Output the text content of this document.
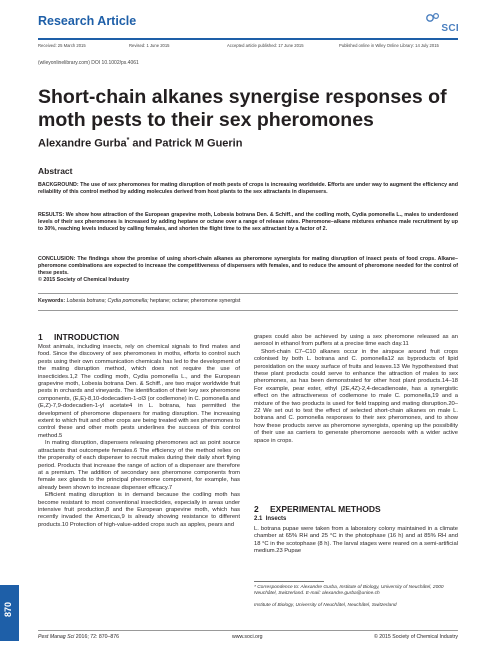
Research Article
SCI
Received: 25 March 2015	Revised: 1 June 2015	Accepted article published: 17 June 2015	Published online in Wiley Online Library: 14 July 2015
(wileyonlinelibrary.com) DOI 10.1002/ps.4061
Short-chain alkanes synergise responses of moth pests to their sex pheromones
Alexandre Gurba* and Patrick M Guerin
Abstract
BACKGROUND: The use of sex pheromones for mating disruption of moth pests of crops is increasing worldwide. Efforts are under way to augment the efficiency and reliability of this control method by adding molecules derived from host plants to the sex attractants in dispensers.
RESULTS: We show how attraction of the European grapevine moth, Lobesia botrana Den. & Schiff., and the codling moth, Cydia pomonella L., males to underdosed levels of their sex pheromones is increased by adding heptane or octane over a range of release rates. Pheromone–alkane mixtures enhance male recruitment by up to 30%, reaching levels induced by calling females, and shorten the flight time to the sex attractant by a factor of 2.
CONCLUSION: The findings show the promise of using short-chain alkanes as pheromone synergists for mating disruption of insect pests of food crops. Alkane–pheromone combinations are expected to increase the competitiveness of dispensers with females, and to reduce the amount of pheromone needed for the control of these pests.
© 2015 Society of Chemical Industry
Keywords: Lobesia botrana; Cydia pomonella; heptane; octane; pheromone synergist
1 INTRODUCTION

Most animals, including insects, rely on chemical signals to find mates and food. Since the discovery of sex pheromones in moths, efforts to control such pests using their own communication chemicals has led to the development of the mating disruption method, which does not require the use of insecticides.1,2 The codling moth, Cydia pomonella L., and the European grapevine moth, Lobesia botrana Den. & Schiff., are two major worldwide fruit pests in orchards and vineyards. The identification of their key sex pheromone components, (E,E)-8,10-dodecadien-1-ol3 (or codlemone) in C. pomonella and (E,Z)-7,9-dodecadien-1-yl acetate4 in L. botrana, has permitted the development of pheromone dispensers for mating disruption. The increasing extent to which fruit and other crops are being treated with sex pheromones to control these and other moth pests underlines the success of this control method.5

In mating disruption, dispensers releasing pheromones act as point source attractants that outcompete females.6 The efficiency of the method relies on the propensity of each dispenser to recruit males during their daily short flying period. Products that increase the range of action of a dispenser are therefore at a premium. The addition of secondary sex pheromone components from female sex glands to the principal pheromone component, for example, has already been shown to increase dispenser efficacy.7

Efficient mating disruption is in demand because the codling moth has become resistant to most conventional insecticides, especially in areas under intensive fruit production,8 and the European grapevine moth, which has recently invaded the Americas,9 is already showing resistance to different products.10 Protection of high-value-added crops such as apples, pears and

grapes could also be achieved by using a sex pheromone released as an aerosol in ethanol from puffers at a precise time each day.11

Short-chain C7–C10 alkanes occur in the airspace around fruit crops colonised by both L. botrana and C. pomonella12 as byproducts of lipid peroxidation on the waxy surface of fruits and leaves.13 We hypothesised that these plant products could serve to enhance the attraction of males to sex pheromones, as has been demonstrated for other host plant products.14–18 For example, pear ester, ethyl (2E,4Z)-2,4-decadienoate, has a synergistic effect on the attractiveness of codlemone to male C. pomonella,19 and a mixture of the two products is used for field trapping and mating disruption.20–22 We set out to test the effect of selected short-chain alkanes on male L. botrana and C. pomonella responses to their sex pheromones, and to show how these products serve as pheromone synergists, opening up the possibility of their use as carriers to generate pheromone aerosols with a wider active space in crops.

2 EXPERIMENTAL METHODS
2.1 Insects

L. botrana pupae were taken from a laboratory colony maintained in a climate chamber at 65% RH and 25 °C in the photophase (16 h) and at 85% RH and 18 °C in the scotophase (8 h). The larval stages were reared on a semi-artificial medium.23 Pupae

* Correspondence to: Alexandre Gurba, Institute of Biology, University of Neuchâtel, 2000 Neuchâtel, Switzerland. E-mail: alexandre.gurba@unine.ch
Institute of Biology, University of Neuchâtel, Neuchâtel, Switzerland
870
Pest Manag Sci 2016; 72: 870–876	www.soci.org	© 2015 Society of Chemical Industry
